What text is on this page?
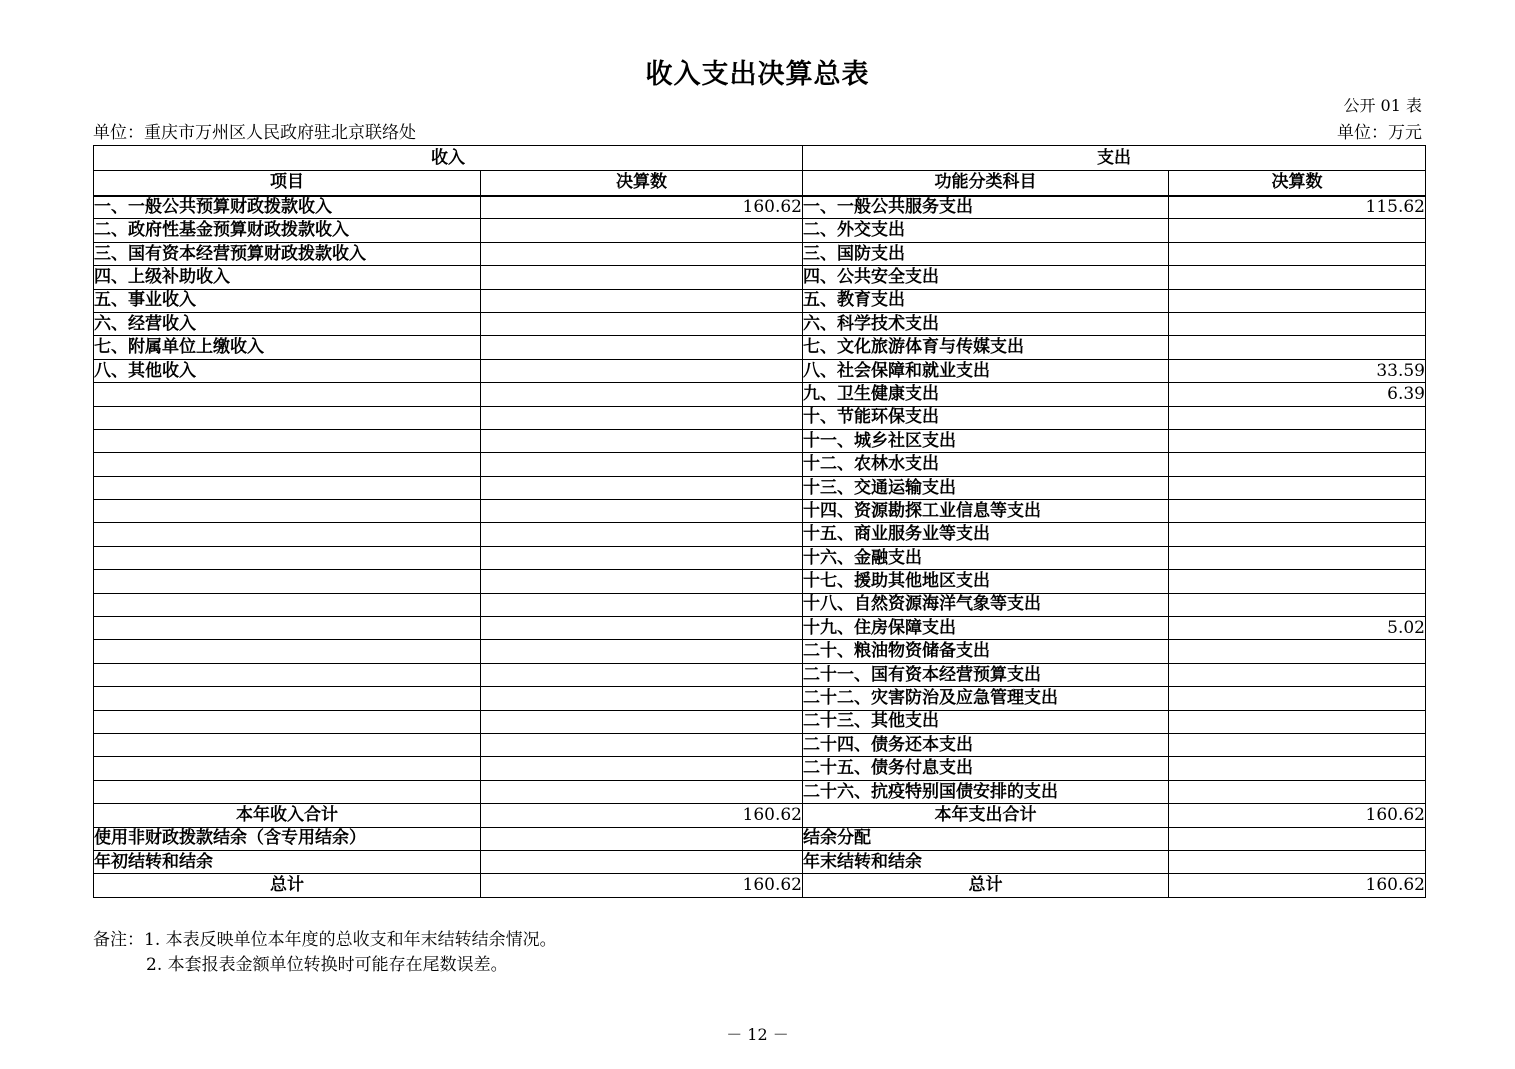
收入支出决算总表
公开 01 表
单位：重庆市万州区人民政府驻北京联络处	单位：万元
收入		支出	
项目	决算数	功能分类科目	决算数
一、一般公共预算财政拨款收入	160.62	一、一般公共服务支出	115.62
二、政府性基金预算财政拨款收入		二、外交支出	
三、国有资本经营预算财政拨款收入		三、国防支出	
四、上级补助收入		四、公共安全支出	
五、事业收入		五、教育支出	
六、经营收入		六、科学技术支出	
七、附属单位上缴收入		七、文化旅游体育与传媒支出	
八、其他收入		八、社会保障和就业支出	33.59
		九、卫生健康支出	6.39
		十、节能环保支出	
		十一、城乡社区支出	
		十二、农林水支出	
		十三、交通运输支出	
		十四、资源勘探工业信息等支出	
		十五、商业服务业等支出	
		十六、金融支出	
		十七、援助其他地区支出	
		十八、自然资源海洋气象等支出	
		十九、住房保障支出	5.02
		二十、粮油物资储备支出	
		二十一、国有资本经营预算支出	
		二十二、灾害防治及应急管理支出	
		二十三、其他支出	
		二十四、债务还本支出	
		二十五、债务付息支出	
		二十六、抗疫特别国债安排的支出	
本年收入合计	160.62	本年支出合计	160.62
使用非财政拨款结余（含专用结余）		结余分配	
年初结转和结余		年末结转和结余	
总计	160.62	总计	160.62
备注：1. 本表反映单位本年度的总收支和年末结转结余情况。
2. 本套报表金额单位转换时可能存在尾数误差。
－ 12 －
